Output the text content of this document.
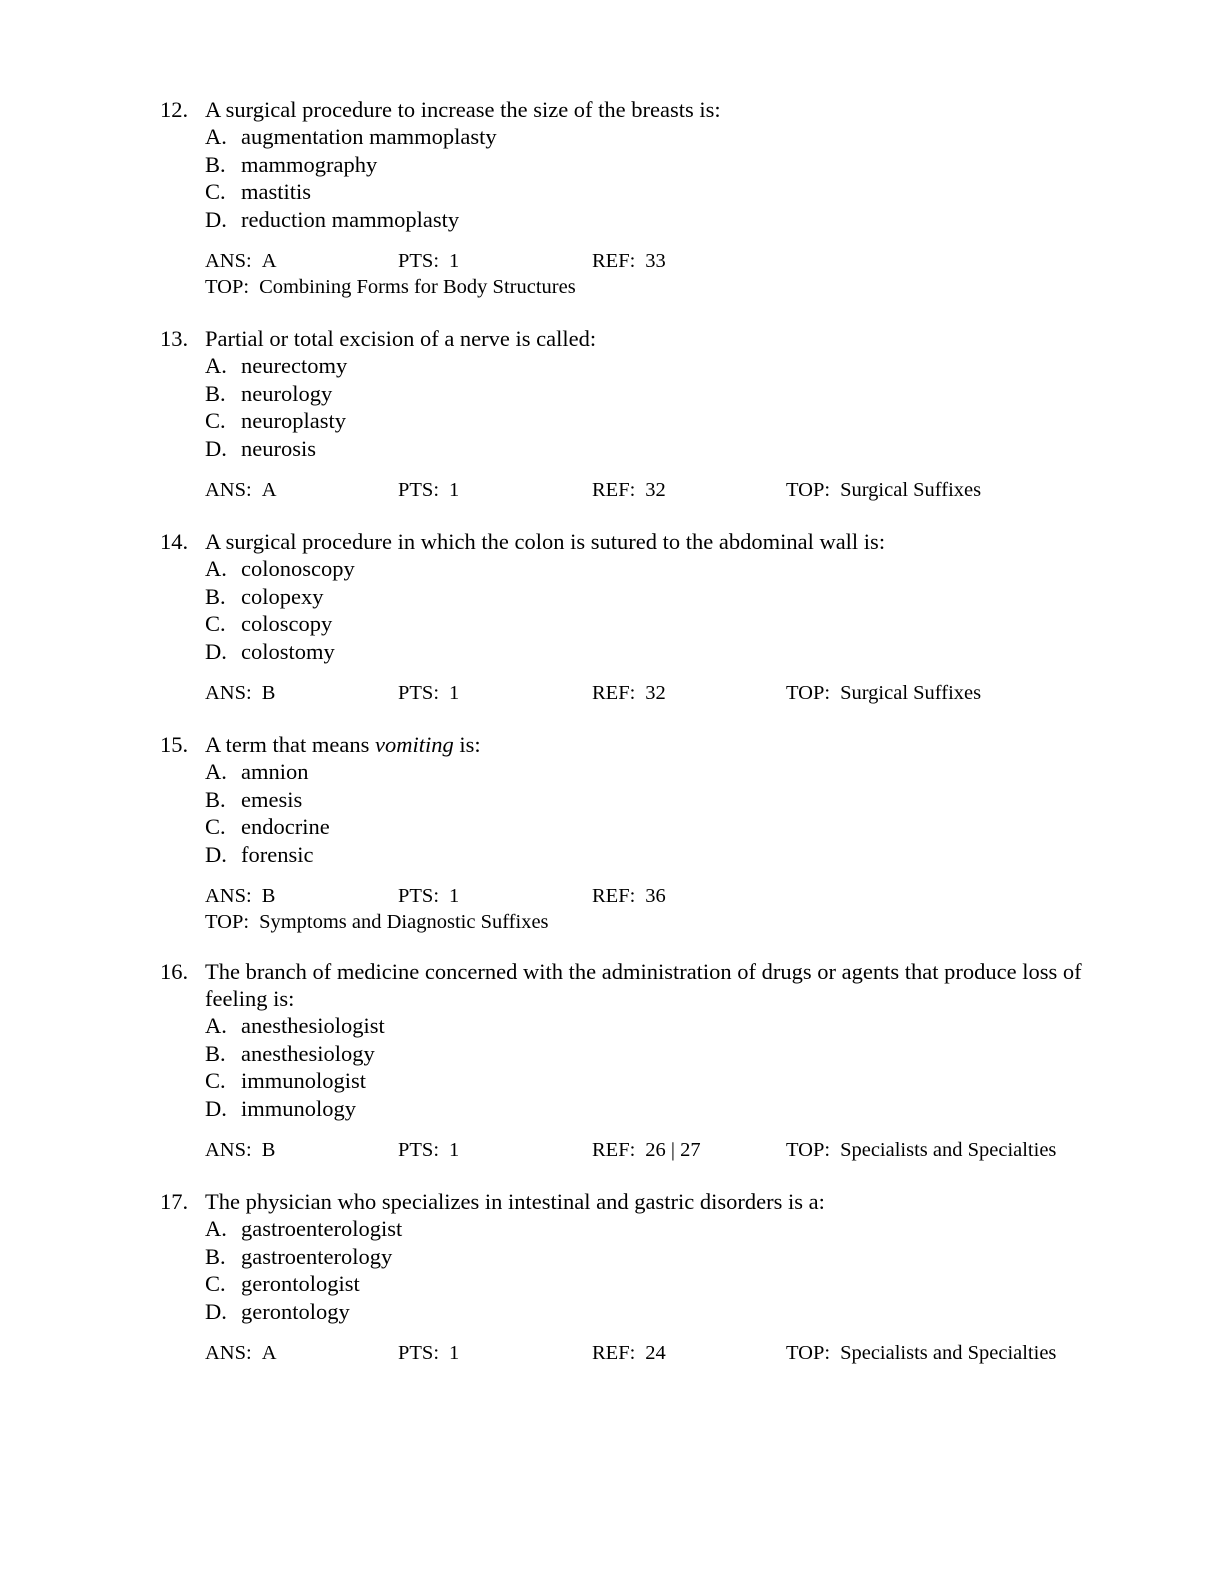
12. A surgical procedure to increase the size of the breasts is:
A. augmentation mammoplasty
B. mammography
C. mastitis
D. reduction mammoplasty
ANS: A	PTS: 1	REF: 33
TOP: Combining Forms for Body Structures
13. Partial or total excision of a nerve is called:
A. neurectomy
B. neurology
C. neuroplasty
D. neurosis
ANS: A	PTS: 1	REF: 32	TOP: Surgical Suffixes
14. A surgical procedure in which the colon is sutured to the abdominal wall is:
A. colonoscopy
B. colopexy
C. coloscopy
D. colostomy
ANS: B	PTS: 1	REF: 32	TOP: Surgical Suffixes
15. A term that means vomiting is:
A. amnion
B. emesis
C. endocrine
D. forensic
ANS: B	PTS: 1	REF: 36
TOP: Symptoms and Diagnostic Suffixes
16. The branch of medicine concerned with the administration of drugs or agents that produce loss of feeling is:
A. anesthesiologist
B. anesthesiology
C. immunologist
D. immunology
ANS: B	PTS: 1	REF: 26 | 27	TOP: Specialists and Specialties
17. The physician who specializes in intestinal and gastric disorders is a:
A. gastroenterologist
B. gastroenterology
C. gerontologist
D. gerontology
ANS: A	PTS: 1	REF: 24	TOP: Specialists and Specialties
